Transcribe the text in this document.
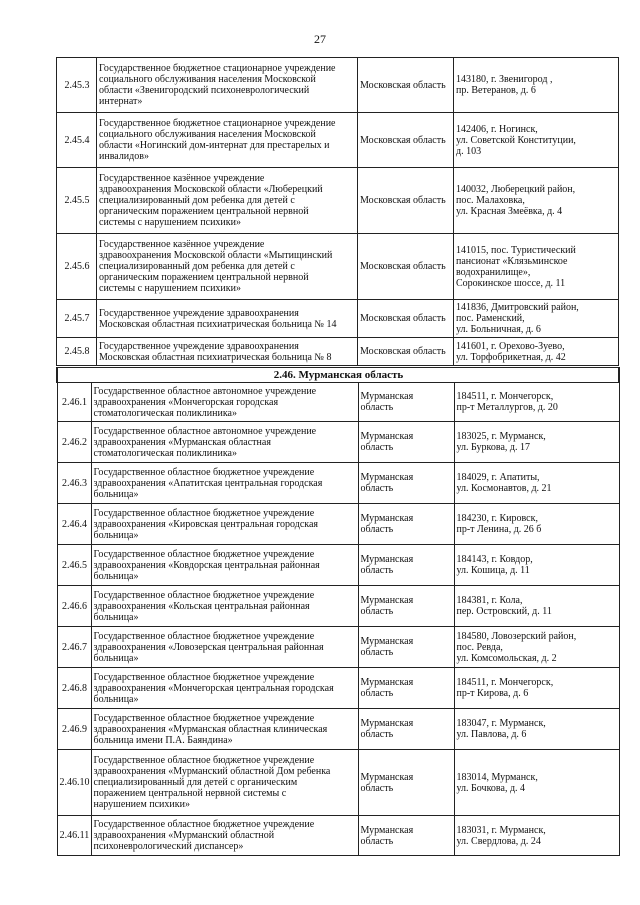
27
2.45.3	Государственное бюджетное стационарное учреждение
социального обслуживания населения Московской
области «Звенигородский психоневрологический
интернат»	Московская область	143180, г. Звенигород ,
пр. Ветеранов, д. 6
2.45.4	Государственное бюджетное стационарное учреждение
социального обслуживания населения Московской
области «Ногинский дом-интернат для престарелых и
инвалидов»	Московская область	142406, г. Ногинск,
ул. Советской Конституции,
д. 103
2.45.5	Государственное казённое учреждение
здравоохранения Московской области «Люберецкий
специализированный дом ребенка для детей с
органическим поражением центральной нервной
системы с нарушением психики»	Московская область	140032, Люберецкий район,
пос. Малаховка,
ул. Красная Змеёвка, д. 4
2.45.6	Государственное казённое учреждение
здравоохранения Московской области «Мытищинский
специализированный дом ребенка для детей с
органическим поражением центральной нервной
системы с нарушением психики»	Московская область	141015, пос. Туристический
пансионат «Клязьминское
водохранилище»,
Сорокинское шоссе, д. 11
2.45.7	Государственное учреждение здравоохранения
Московская областная психиатрическая больница № 14	Московская область	141836, Дмитровский район,
пос. Раменский,
ул. Больничная, д. 6
2.45.8	Государственное учреждение здравоохранения
Московская областная психиатрическая больница № 8	Московская область	141601, г. Орехово-Зуево,
ул. Торфобрикетная, д. 42
2.46. Мурманская область			
2.46.1	Государственное областное автономное учреждение
здравоохранения «Мончегорская городская
стоматологическая поликлиника»	Мурманская
область	184511, г. Мончегорск,
пр-т Металлургов, д. 20
2.46.2	Государственное областное автономное учреждение
здравоохранения «Мурманская областная
стоматологическая поликлиника»	Мурманская
область	183025, г. Мурманск,
ул. Буркова, д. 17
2.46.3	Государственное областное бюджетное учреждение
здравоохранения «Апатитская центральная городская
больница»	Мурманская
область	184029, г. Апатиты,
ул. Космонавтов, д. 21
2.46.4	Государственное областное бюджетное учреждение
здравоохранения «Кировская центральная городская
больница»	Мурманская
область	184230, г. Кировск,
пр-т Ленина, д. 26 б
2.46.5	Государственное областное бюджетное учреждение
здравоохранения «Ковдорская центральная районная
больница»	Мурманская
область	184143, г. Ковдор,
ул. Кошица, д. 11
2.46.6	Государственное областное бюджетное учреждение
здравоохранения «Кольская центральная районная
больница»	Мурманская
область	184381, г. Кола,
пер. Островский, д. 11
2.46.7	Государственное областное бюджетное учреждение
здравоохранения «Ловозерская центральная районная
больница»	Мурманская
область	184580, Ловозерский район,
пос. Ревда,
ул. Комсомольская, д. 2
2.46.8	Государственное областное бюджетное учреждение
здравоохранения «Мончегорская центральная городская
больница»	Мурманская
область	184511, г. Мончегорск,
пр-т Кирова, д. 6
2.46.9	Государственное областное бюджетное учреждение
здравоохранения «Мурманская областная клиническая
больница имени П.А. Баяндина»	Мурманская
область	183047, г. Мурманск,
ул. Павлова, д. 6
2.46.10	Государственное областное бюджетное учреждение
здравоохранения «Мурманский областной Дом ребенка
специализированный для детей с органическим
поражением центральной нервной системы с
нарушением психики»	Мурманская
область	183014, Мурманск,
ул. Бочкова, д. 4
2.46.11	Государственное областное бюджетное учреждение
здравоохранения «Мурманский областной
психоневрологический диспансер»	Мурманская
область	183031, г. Мурманск,
ул. Свердлова, д. 24
